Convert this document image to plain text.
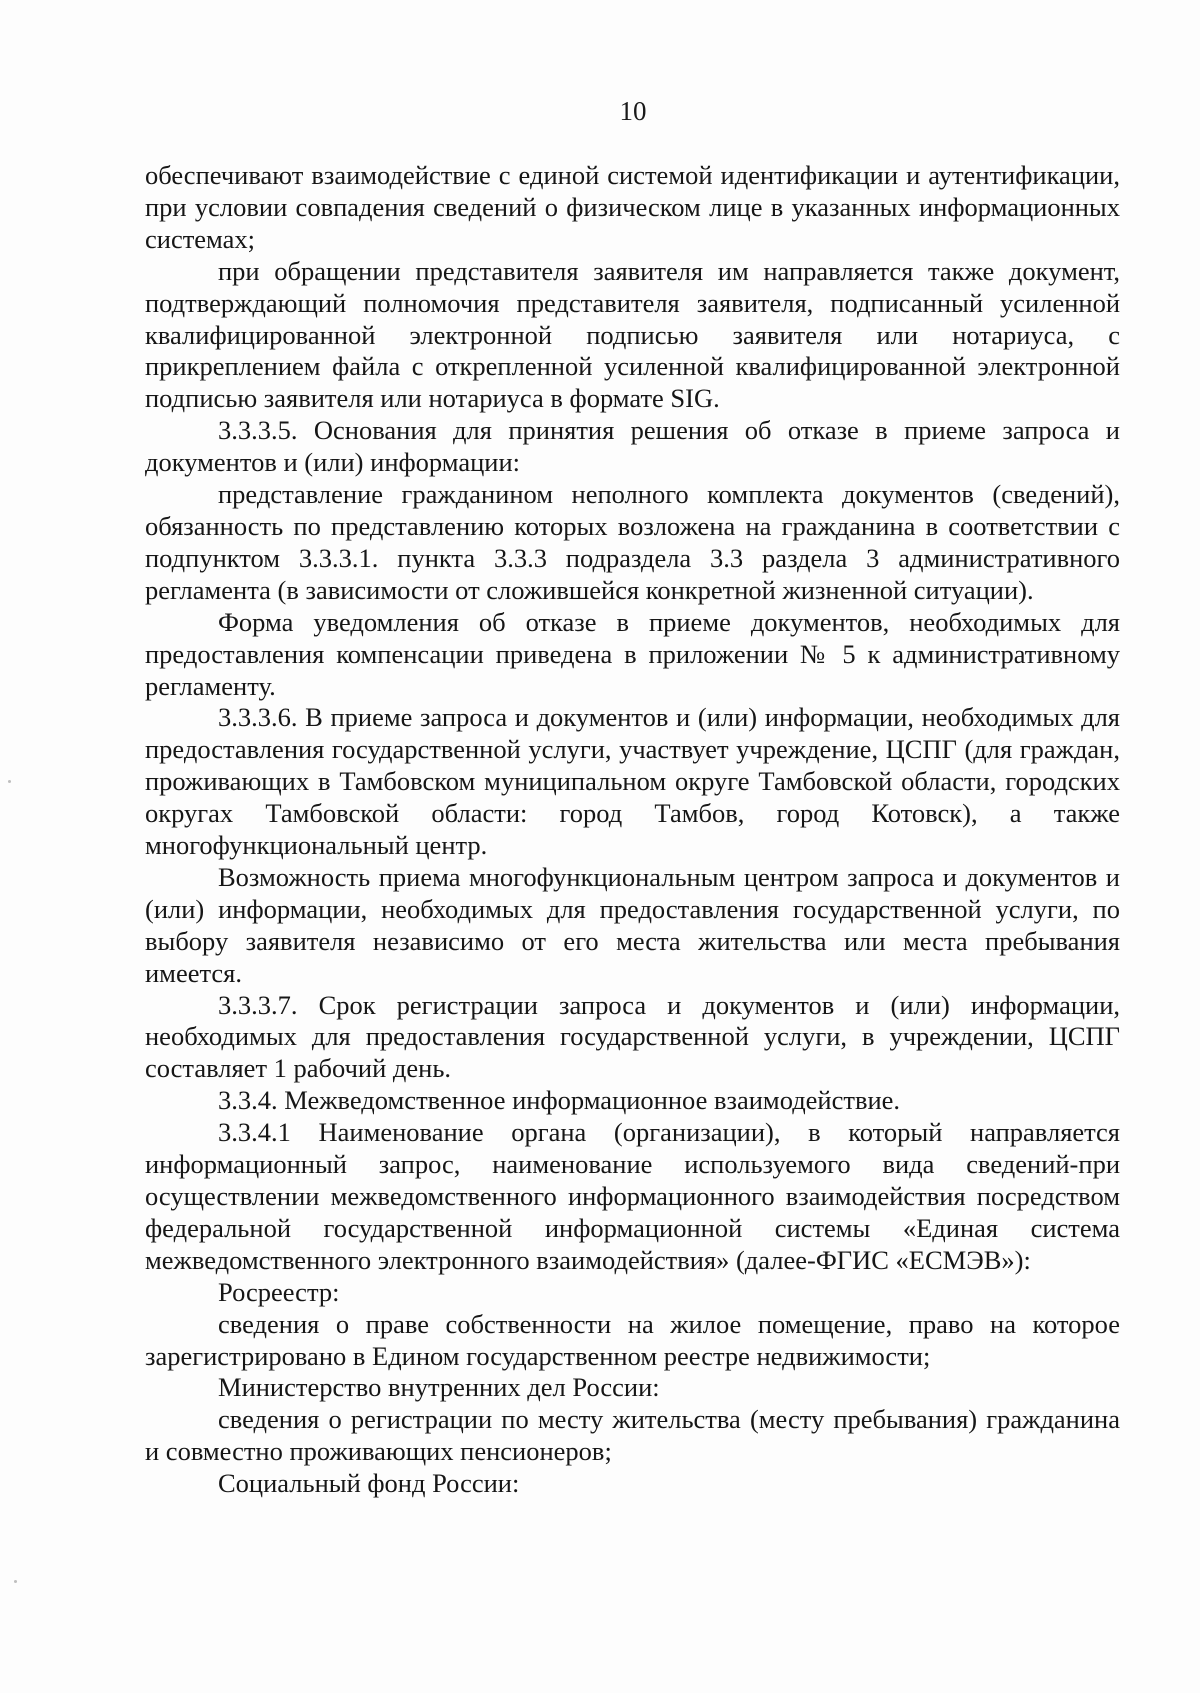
10

обеспечивают взаимодействие с единой системой идентификации и аутентификации, при условии совпадения сведений о физическом лице в указанных информационных системах;

при обращении представителя заявителя им направляется также документ, подтверждающий полномочия представителя заявителя, подписанный усиленной квалифицированной электронной подписью заявителя или нотариуса, с прикреплением файла с открепленной усиленной квалифицированной электронной подписью заявителя или нотариуса в формате SIG.

3.3.3.5. Основания для принятия решения об отказе в приеме запроса и документов и (или) информации:

представление гражданином неполного комплекта документов (сведений), обязанность по представлению которых возложена на гражданина в соответствии с подпунктом 3.3.3.1. пункта 3.3.3 подраздела 3.3 раздела 3 административного регламента (в зависимости от сложившейся конкретной жизненной ситуации).

Форма уведомления об отказе в приеме документов, необходимых для предоставления компенсации приведена в приложении № 5 к административному регламенту.

3.3.3.6. В приеме запроса и документов и (или) информации, необходимых для предоставления государственной услуги, участвует учреждение, ЦСПГ (для граждан, проживающих в Тамбовском муниципальном округе Тамбовской области, городских округах Тамбовской области: город Тамбов, город Котовск), а также многофункциональный центр.

Возможность приема многофункциональным центром запроса и документов и (или) информации, необходимых для предоставления государственной услуги, по выбору заявителя независимо от его места жительства или места пребывания имеется.

3.3.3.7. Срок регистрации запроса и документов и (или) информации, необходимых для предоставления государственной услуги, в учреждении, ЦСПГ составляет 1 рабочий день.

3.3.4. Межведомственное информационное взаимодействие.

3.3.4.1 Наименование органа (организации), в который направляется информационный запрос, наименование используемого вида сведений-при осуществлении межведомственного информационного взаимодействия посредством федеральной государственной информационной системы «Единая система межведомственного электронного взаимодействия» (далее-ФГИС «ЕСМЭВ»):

Росреестр:

сведения о праве собственности на жилое помещение, право на которое зарегистрировано в Едином государственном реестре недвижимости;

Министерство внутренних дел России:

сведения о регистрации по месту жительства (месту пребывания) гражданина и совместно проживающих пенсионеров;

Социальный фонд России:
